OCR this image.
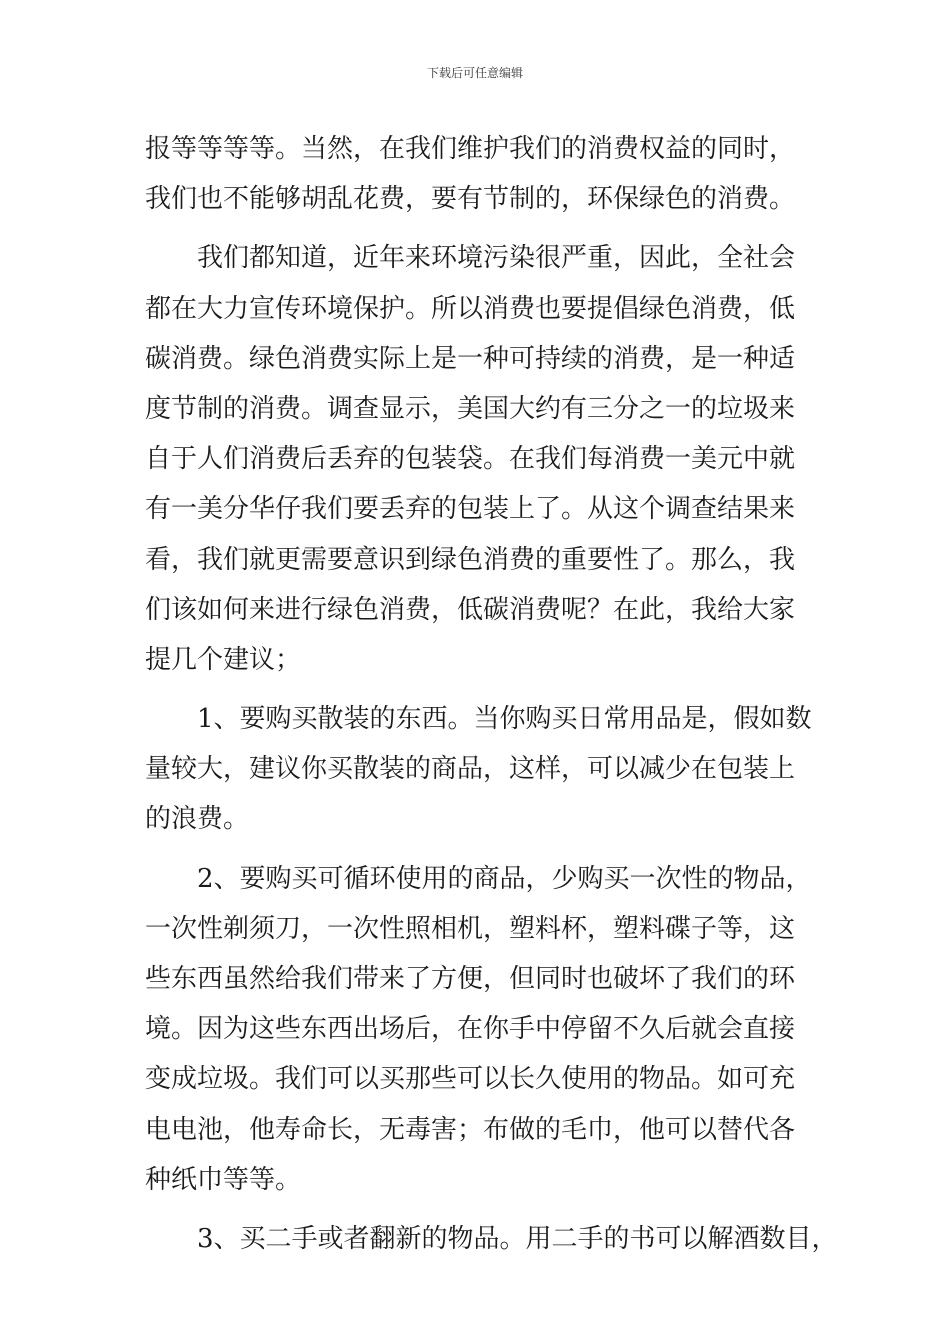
下载后可任意编辑
报等等等等。当然，在我们维护我们的消费权益的同时，
我们也不能够胡乱花费，要有节制的，环保绿色的消费。
我们都知道，近年来环境污染很严重，因此，全社会
都在大力宣传环境保护。所以消费也要提倡绿色消费，低
碳消费。绿色消费实际上是一种可持续的消费，是一种适
度节制的消费。调查显示，美国大约有三分之一的垃圾来
自于人们消费后丢弃的包装袋。在我们每消费一美元中就
有一美分华仔我们要丢弃的包装上了。从这个调查结果来
看，我们就更需要意识到绿色消费的重要性了。那么，我
们该如何来进行绿色消费，低碳消费呢？在此，我给大家
提几个建议；
1、要购买散装的东西。当你购买日常用品是，假如数
量较大，建议你买散装的商品，这样，可以减少在包装上
的浪费。
2、要购买可循环使用的商品，少购买一次性的物品，
一次性剃须刀，一次性照相机，塑料杯，塑料碟子等，这
些东西虽然给我们带来了方便，但同时也破坏了我们的环
境。因为这些东西出场后，在你手中停留不久后就会直接
变成垃圾。我们可以买那些可以长久使用的物品。如可充
电电池，他寿命长，无毒害；布做的毛巾，他可以替代各
种纸巾等等。
3、买二手或者翻新的物品。用二手的书可以解酒数目，
